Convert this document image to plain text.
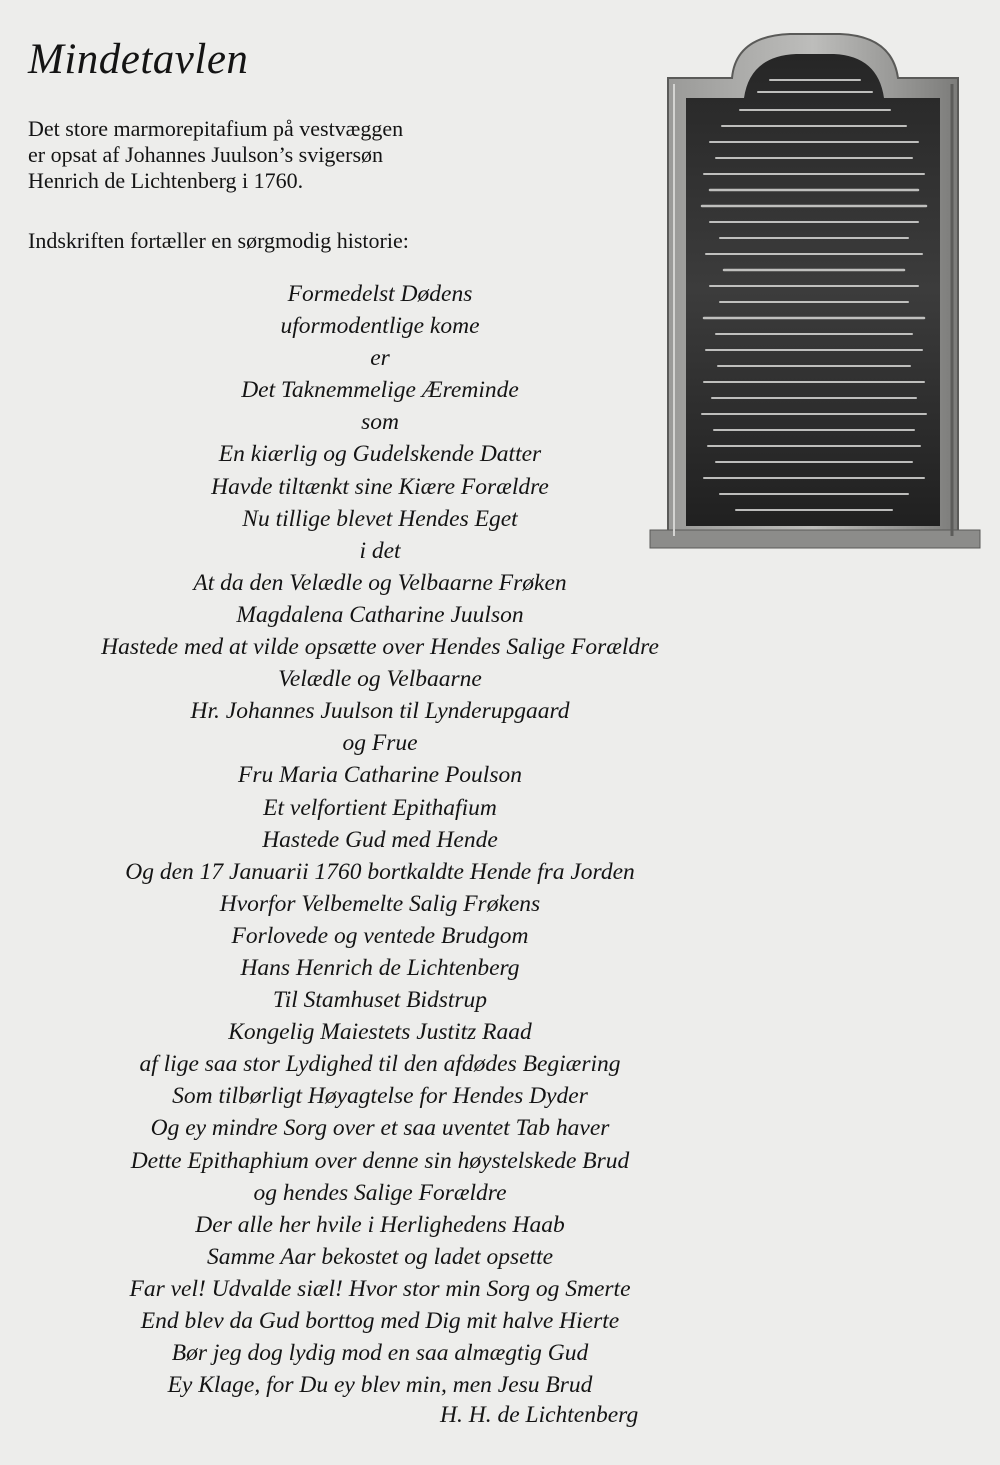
Mindetavlen
Det store marmorepitafium på vestvæggen
er opsat af Johannes Juulson’s svigersøn
Henrich de Lichtenberg i 1760.
Indskriften fortæller en sørgmodig historie:
Formedelst Dødens
uformodentlige kome
er
Det Taknemmelige Æreminde
som
En kiærlig og Gudelskende Datter
Havde tiltænkt sine Kiære Forældre
Nu tillige blevet Hendes Eget
i det
At da den Velædle og Velbaarne Frøken
Magdalena Catharine Juulson
Hastede med at vilde opsætte over Hendes Salige Forældre
Velædle og Velbaarne
Hr. Johannes Juulson til Lynderupgaard
og Frue
Fru Maria Catharine Poulson
Et velfortient Epithafium
Hastede Gud med Hende
Og den 17 Januarii 1760 bortkaldte Hende fra Jorden
Hvorfor Velbemelte Salig Frøkens
Forlovede og ventede Brudgom
Hans Henrich de Lichtenberg
Til Stamhuset Bidstrup
Kongelig Maiestets Justitz Raad
af lige saa stor Lydighed til den afdødes Begiæring
Som tilbørligt Høyagtelse for Hendes Dyder
Og ey mindre Sorg over et saa uventet Tab haver
Dette Epithaphium over denne sin høystelskede Brud
og hendes Salige Forældre
Der alle her hvile i Herlighedens Haab
Samme Aar bekostet og ladet opsette
Far vel! Udvalde siæl! Hvor stor min Sorg og Smerte
End blev da Gud borttog med Dig mit halve Hierte
Bør jeg dog lydig mod en saa almægtig Gud
Ey Klage, for Du ey blev min, men Jesu Brud
H. H. de Lichtenberg
